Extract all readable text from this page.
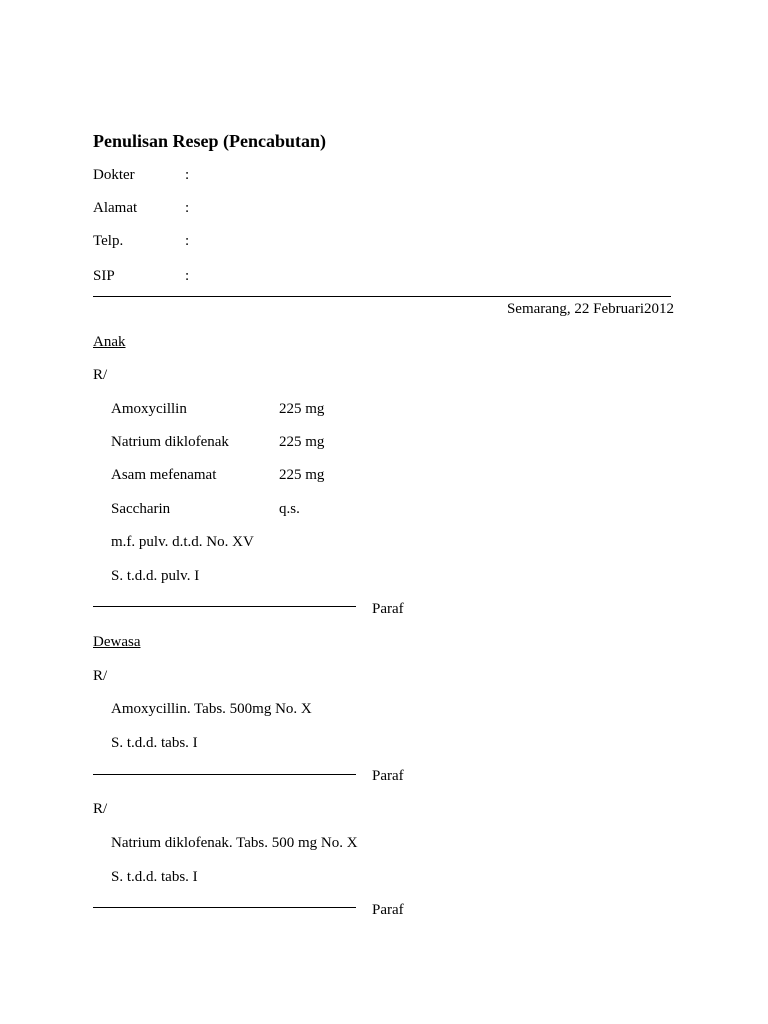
Penulisan Resep (Pencabutan)
Dokter	:
Alamat	:
Telp.	:
SIP	:
Semarang, 22 Februari2012
Anak
R/
Amoxycillin	225 mg
Natrium diklofenak	225 mg
Asam mefenamat	225 mg
Saccharin	q.s.
m.f. pulv. d.t.d. No. XV
S. t.d.d. pulv. I
Paraf
Dewasa
R/
Amoxycillin. Tabs. 500mg No. X
S. t.d.d. tabs. I
Paraf
R/
Natrium diklofenak. Tabs. 500 mg No. X
S. t.d.d. tabs. I
Paraf
